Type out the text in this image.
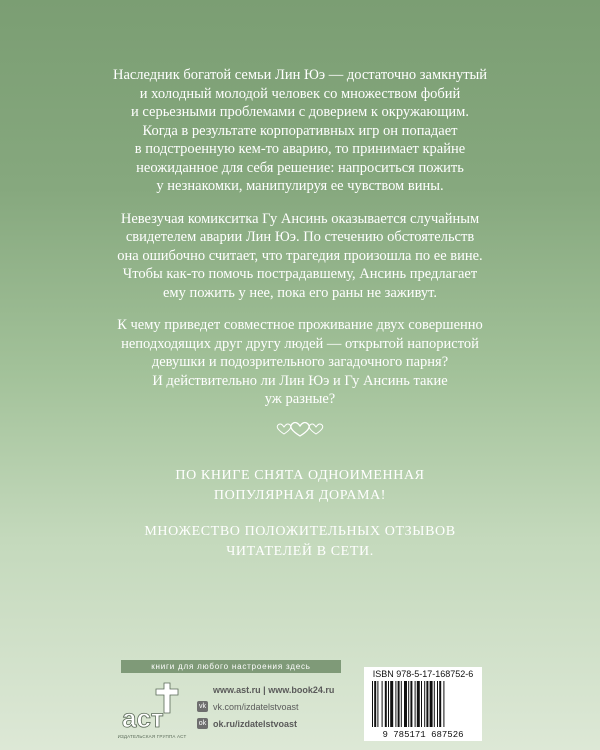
Наследник богатой семьи Лин Юэ — достаточно замкнутый
и холодный молодой человек со множеством фобий
и серьезными проблемами с доверием к окружающим.
Когда в результате корпоративных игр он попадает
в подстроенную кем-то аварию, то принимает крайне
неожиданное для себя решение: напроситься пожить
у незнакомки, манипулируя ее чувством вины.

Невезучая комикситка Гу Ансинь оказывается случайным
свидетелем аварии Лин Юэ. По стечению обстоятельств
она ошибочно считает, что трагедия произошла по ее вине.
Чтобы как-то помочь пострадавшему, Ансинь предлагает
ему пожить у нее, пока его раны не заживут.

К чему приведет совместное проживание двух совершенно
неподходящих друг другу людей — открытой напористой
девушки и подозрительного загадочного парня?
И действительно ли Лин Юэ и Гу Ансинь такие
уж разные?

ПО КНИГЕ СНЯТА ОДНОИМЕННАЯ
ПОПУЛЯРНАЯ ДОРАМА!

МНОЖЕСТВО ПОЛОЖИТЕЛЬНЫХ ОТЗЫВОВ
ЧИТАТЕЛЕЙ В СЕТИ.

книги для любого настроения здесь
аст
ИЗДАТЕЛЬСКАЯ ГРУППА АСТ
www.ast.ru | www.book24.ru
vk vk.com/izdatelstvoast
ok ok.ru/izdatelstvoast
ISBN 978-5-17-168752-6
9 785171 687526
